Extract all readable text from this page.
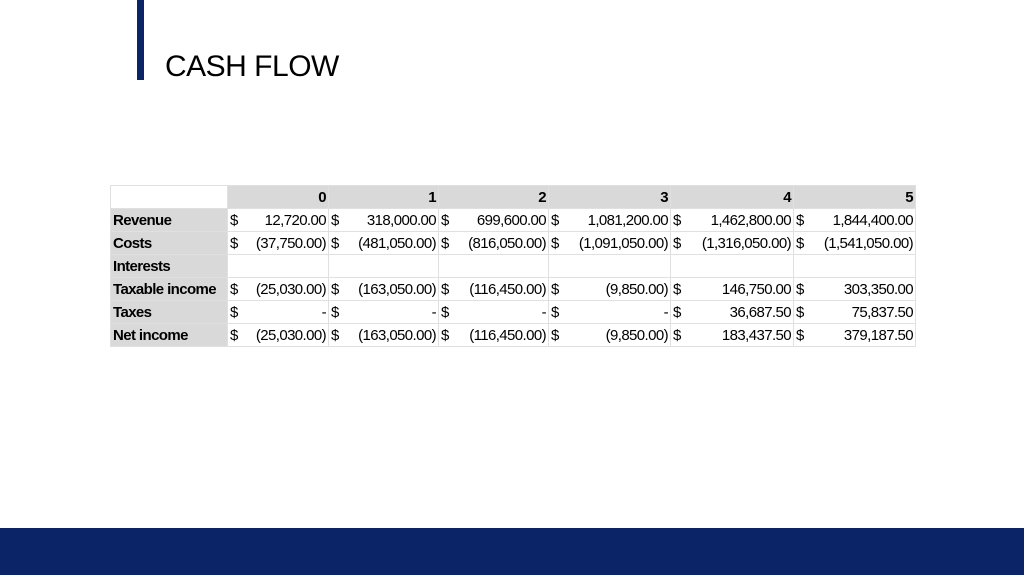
CASH FLOW
	0	1	2	3	4	5
Revenue	$ 12,720.00	$ 318,000.00	$ 699,600.00	$ 1,081,200.00	$ 1,462,800.00	$ 1,844,400.00

Costs	$ (37,750.00)	$ (481,050.00)	$ (816,050.00)	$ (1,091,050.00)	$ (1,316,050.00)	$ (1,541,050.00)

Interests	

Taxable income	$ (25,030.00)	$ (163,050.00)	$ (116,450.00)	$ (9,850.00)	$ 146,750.00	$ 303,350.00

Taxes	$ -	$ -	$ -	$ -	$ 36,687.50	$ 75,837.50

Net income	$ (25,030.00)	$ (163,050.00)	$ (116,450.00)	$ (9,850.00)	$ 183,437.50	$ 379,187.50
